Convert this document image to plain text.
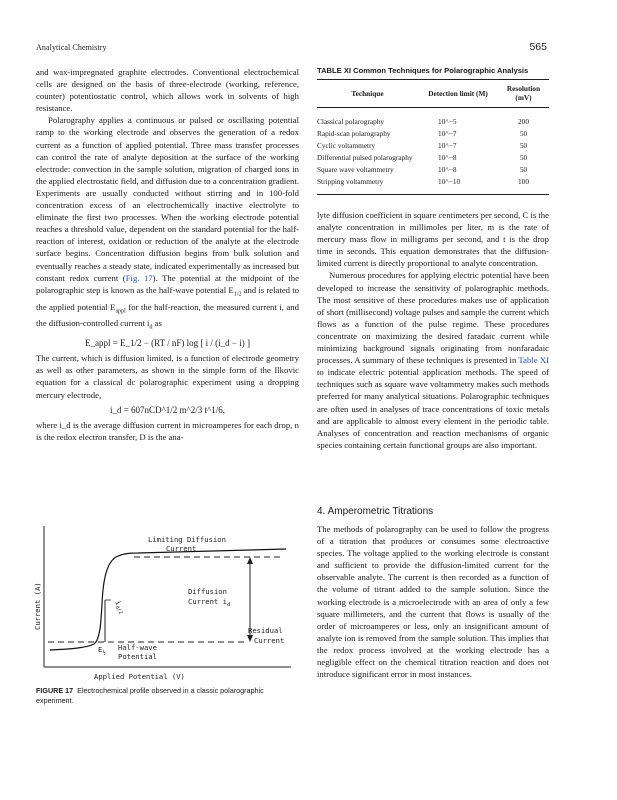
Analytical Chemistry	565

and wax-impregnated graphite electrodes. Conventional electrochemical cells are designed on the basis of three-electrode (working, reference, counter) potentiostatic control, which allows work in solvents of high resistance.

Polarography applies a continuous or pulsed or oscillating potential ramp to the working electrode and observes the generation of a redox current as a function of applied potential. Three mass transfer processes can control the rate of analyte deposition at the surface of the working electrode: convection in the sample solution, migration of charged ions in the applied electrostatic field, and diffusion due to a concentration gradient. Experiments are usually conducted without stirring and in 100-fold concentration excess of an electrochemically inactive electrolyte to eliminate the first two processes. When the working electrode potential reaches a threshold value, dependent on the standard potential for the half-reaction of interest, oxidation or reduction of the analyte at the electrode surface begins. Concentration diffusion begins from bulk solution and eventually reaches a steady state, indicated experimentally as increased but constant redox current (Fig. 17). The potential at the midpoint of the polarographic step is known as the half-wave potential $E_{1/2}$ and is related to the applied potential $E_{appl}$ for the half-reaction, the measured current i, and the diffusion-controlled current $i_d$ as

E_appl = E_1/2 − (RT / nF) log [ i / (i_d − i) ]

The current, which is diffusion limited, is a function of electrode geometry as well as other parameters, as shown in the simple form of the Ilkovic equation for a classical dc polarographic experiment using a dropping mercury electrode,

i_d = 607nCD^1/2 m^2/3 t^1/6,

where i_d is the average diffusion current in microamperes for each drop, n is the redox electron transfer, D is the ana-

TABLE XI Common Techniques for Polarographic Analysis
Technique	Detection limit (M)	Resolution (mV)
Classical polarography	10^−5	200
Rapid-scan polarography	10^−7	50
Cyclic voltammetry	10^−7	50
Differential pulsed polarography	10^−8	50
Square wave voltammetry	10^−8	50
Stripping voltammetry	10^−10	100

lyte diffusion coefficient in square centimeters per second, C is the analyte concentration in millimoles per liter, m is the rate of mercury mass flow in milligrams per second, and t is the drop time in seconds. This equation demonstrates that the diffusion-limited current is directly proportional to analyte concentration.

Numerous procedures for applying electric potential have been developed to increase the sensitivity of polarographic methods. The most sensitive of these procedures makes use of application of short (millisecond) voltage pulses and sample the current which flows as a function of the pulse regime. These procedures concentrate on maximizing the desired faradaic current while minimizing background signals originating from nonfaradaic processes. A summary of these techniques is presented in Table XI to indicate electric potential application methods. The speed of techniques such as square wave voltammetry makes such methods preferred for many analytical situations. Polarographic techniques are often used in analyses of trace concentrations of toxic metals and are applicable to almost every element in the periodic table. Analyses of concentration and reaction mechanisms of organic species containing certain functional groups are also important.

4. Amperometric Titrations

The methods of polarography can be used to follow the progress of a titration that produces or consumes some electroactive species. The voltage applied to the working electrode is constant and sufficient to provide the diffusion-limited current for the observable analyte. The current is then recorded as a function of the volume of titrant added to the sample solution. Since the working electrode is a microelectrode with an area of only a few square millimeters, and the current that flows is usually of the order of microamperes or less, only an insignificant amount of analyte ion is removed from the sample solution. This implies that the redox process involved at the working electrode has a negligible effect on the chemical titration reaction and does not introduce significant error in most instances.

Limiting Diffusion
Current
Diffusion
Current $i_d$
Residual
Current
$i_{d/2}$
$E_{\frac{1}{2}}$
Half-wave
Potential
Current (A)
Applied Potential (V)
FIGURE 17 Electrochemical profile observed in a classic polarographic experiment.
